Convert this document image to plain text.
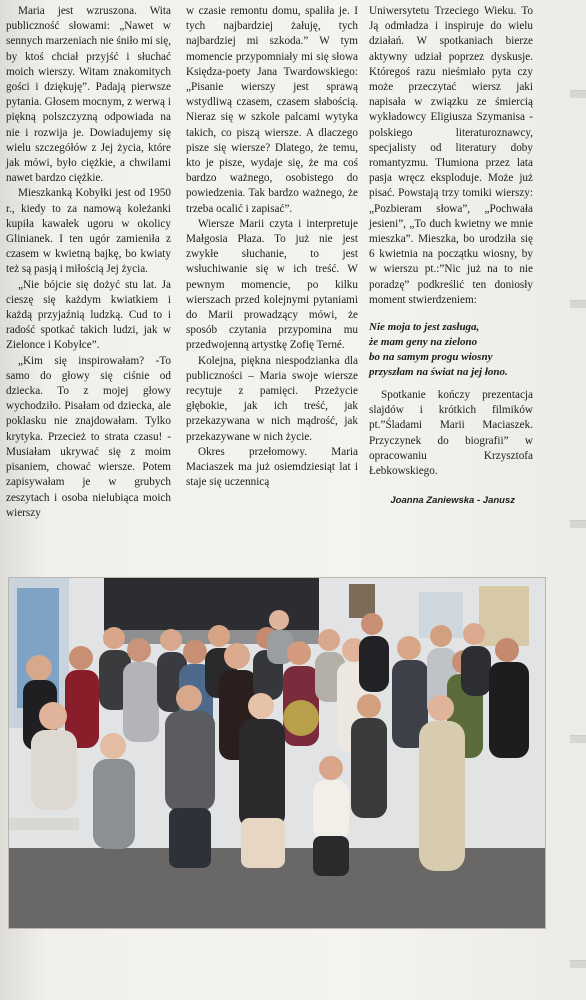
Maria jest wzruszona. Wita publiczność słowami: „Nawet w sennych marzeniach nie śniło mi się, by ktoś chciał przyjść i słuchać moich wierszy. Witam znakomitych gości i dziękuję”. Padają pierwsze pytania. Głosem mocnym, z werwą i piękną polszczyzną odpowiada na nie i rozwija je. Dowiadujemy się wielu szczegółów z Jej życia, które jak mówi, było ciężkie, a chwilami nawet bardzo ciężkie.

Mieszkanką Kobyłki jest od 1950 r., kiedy to za namową koleżanki kupiła kawałek ugoru w okolicy Glinianek. I ten ugór zamieniła z czasem w kwietną bajkę, bo kwiaty też są pasją i miłością Jej życia.

„Nie bójcie się dożyć stu lat. Ja cieszę się każdym kwiatkiem i każdą przyjaźnią ludzką. Cud to i radość spotkać takich ludzi, jak w Zielonce i Kobyłce”.

„Kim się inspirowałam? -To samo do głowy się ciśnie od dziecka. To z mojej głowy wychodziło. Pisałam od dziecka, ale poklasku nie znajdowałam. Tylko krytyka. Przecież to strata czasu! - Musiałam ukrywać się z moim pisaniem, chować wiersze. Potem zapisywałam je w grubych zeszytach i osoba nielubiąca moich wierszy

w czasie remontu domu, spaliła je. I tych najbardziej żałuję, tych najbardziej mi szkoda.” W tym momencie przypomniały mi się słowa Księdza-poety Jana Twardowskiego: „Pisanie wierszy jest sprawą wstydliwą czasem, czasem słabością. Nieraz się w szkole palcami wytyka takich, co piszą wiersze. A dlaczego pisze się wiersze? Dlatego, że temu, kto je pisze, wydaje się, że ma coś bardzo ważnego, osobistego do powiedzenia. Tak bardzo ważnego, że trzeba ocalić i zapisać”.

Wiersze Marii czyta i interpretuje Małgosia Płaza. To już nie jest zwykłe słuchanie, to jest wsłuchiwanie się w ich treść. W pewnym momencie, po kilku wierszach przed kolejnymi pytaniami do Marii prowadzący mówi, że sposób czytania przypomina mu przedwojenną artystkę Zofię Terné.

Kolejna, piękna niespodzianka dla publiczności – Maria swoje wiersze recytuje z pamięci. Przeżycie głębokie, jak ich treść, jak przekazywana w nich mądrość, jak przekazywane w nich życie.

Okres przełomowy. Maria Maciaszek ma już osiemdziesiąt lat i staje się uczennicą

Uniwersytetu Trzeciego Wieku. To Ją odmładza i inspiruje do wielu działań. W spotkaniach bierze aktywny udział poprzez dyskusje. Któregoś razu nieśmiało pyta czy może przeczytać wiersz jaki napisała w związku ze śmiercią wykładowcy Eligiusza Szymanisa - polskiego literaturoznawcy, specjalisty od literatury doby romantyzmu. Tłumiona przez lata pasja wręcz eksploduje. Może już pisać. Powstają trzy tomiki wierszy: „Pozbieram słowa”, „Pochwała jesieni”, „To duch kwietny we mnie mieszka”. Mieszka, bo urodziła się 6 kwietnia na początku wiosny, by w wierszu pt.:”Nic już na to nie poradzę” podkreślić ten doniosły moment stwierdzeniem:

Nie moja to jest zasługa,
że mam geny na zielono
bo na samym progu wiosny
przyszłam na świat na jej łono.

Spotkanie kończy prezentacja slajdów i krótkich filmików pt.”Śladami Marii Maciaszek. Przyczynek do biografii” w opracowaniu Krzysztofa Łebkowskiego.

Joanna Zaniewska - Janusz
